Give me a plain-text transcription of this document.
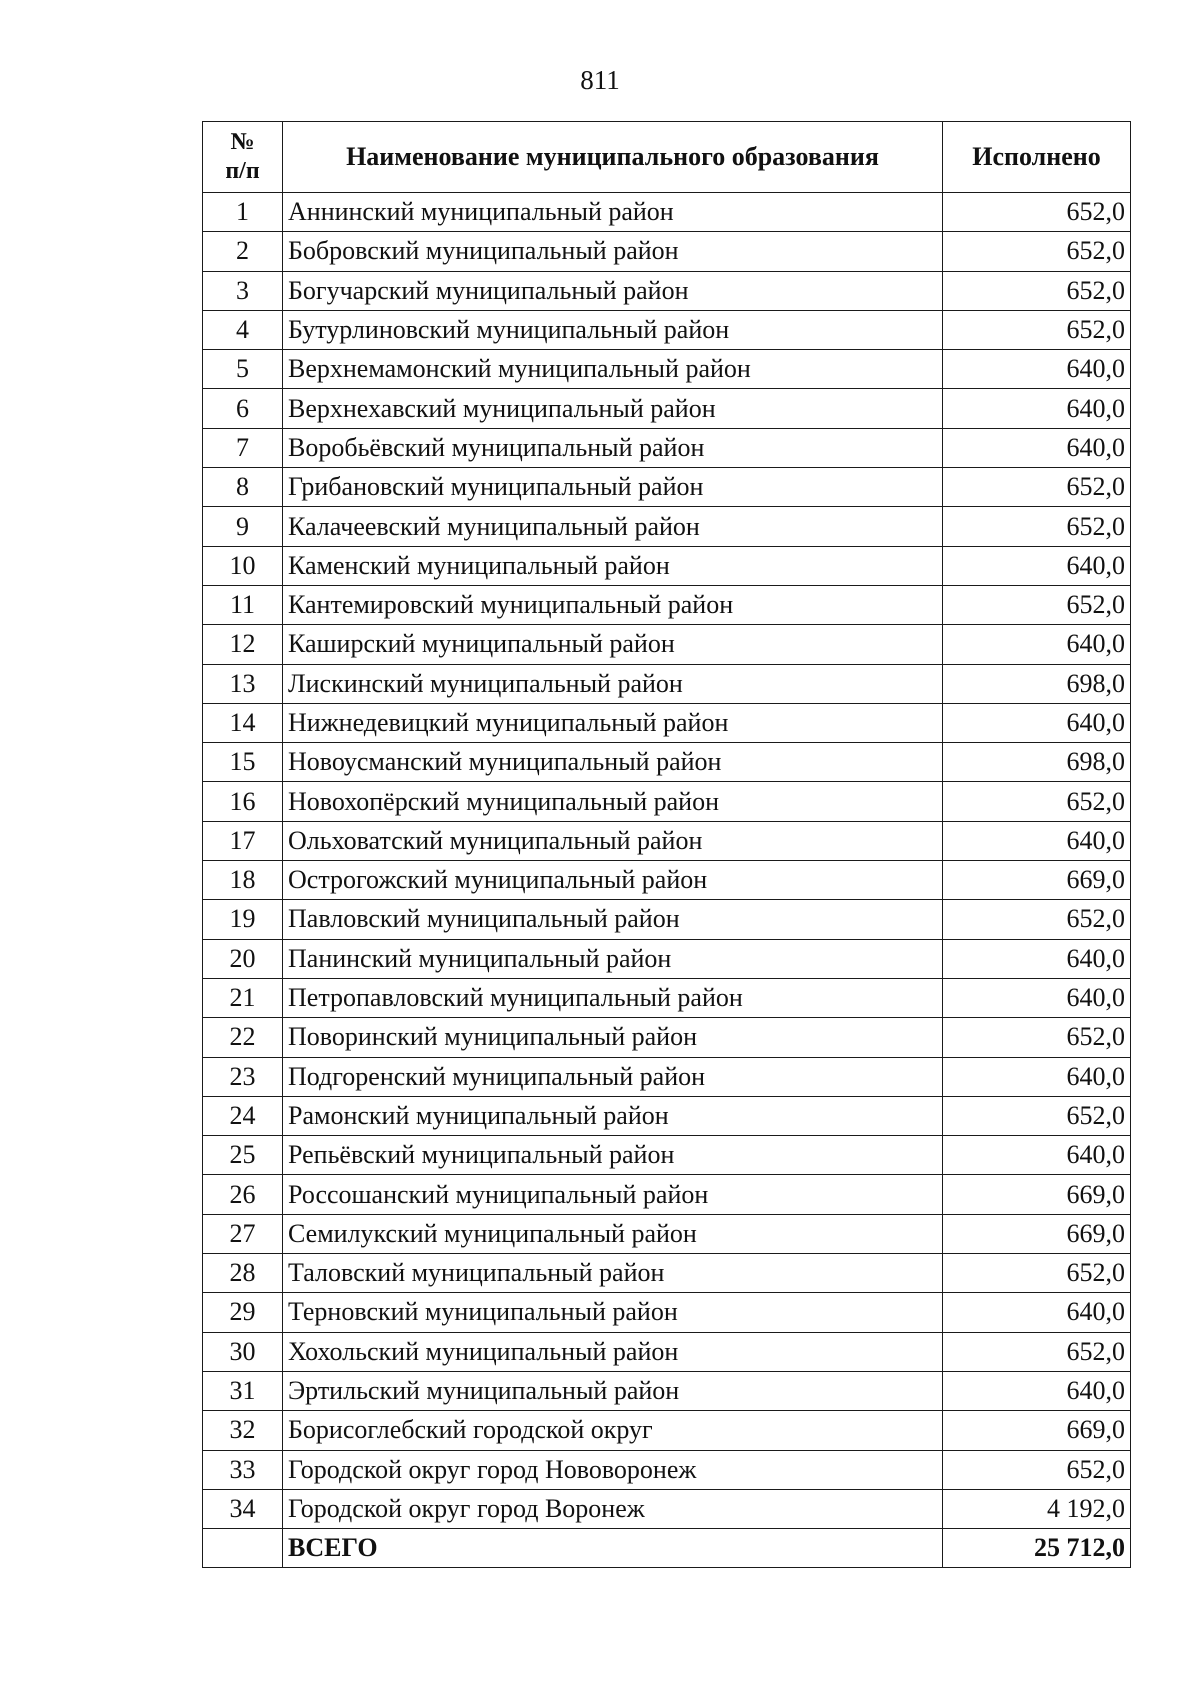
811
№
п/п	Наименование муниципального образования	Исполнено
1	Аннинский муниципальный район	652,0
2	Бобровский муниципальный район	652,0
3	Богучарский муниципальный район	652,0
4	Бутурлиновский муниципальный район	652,0
5	Верхнемамонский муниципальный район	640,0
6	Верхнехавский муниципальный район	640,0
7	Воробьёвский муниципальный район	640,0
8	Грибановский муниципальный район	652,0
9	Калачеевский муниципальный район	652,0
10	Каменский муниципальный район	640,0
11	Кантемировский муниципальный район	652,0
12	Каширский муниципальный район	640,0
13	Лискинский муниципальный район	698,0
14	Нижнедевицкий муниципальный район	640,0
15	Новоусманский муниципальный район	698,0
16	Новохопёрский муниципальный район	652,0
17	Ольховатский муниципальный район	640,0
18	Острогожский муниципальный район	669,0
19	Павловский муниципальный район	652,0
20	Панинский муниципальный район	640,0
21	Петропавловский муниципальный район	640,0
22	Поворинский муниципальный район	652,0
23	Подгоренский муниципальный район	640,0
24	Рамонский муниципальный район	652,0
25	Репьёвский муниципальный район	640,0
26	Россошанский муниципальный район	669,0
27	Семилукский муниципальный район	669,0
28	Таловский муниципальный район	652,0
29	Терновский муниципальный район	640,0
30	Хохольский муниципальный район	652,0
31	Эртильский муниципальный район	640,0
32	Борисоглебский городской округ	669,0
33	Городской округ город Нововоронеж	652,0
34	Городской округ город Воронеж	4 192,0
	ВСЕГО	25 712,0
